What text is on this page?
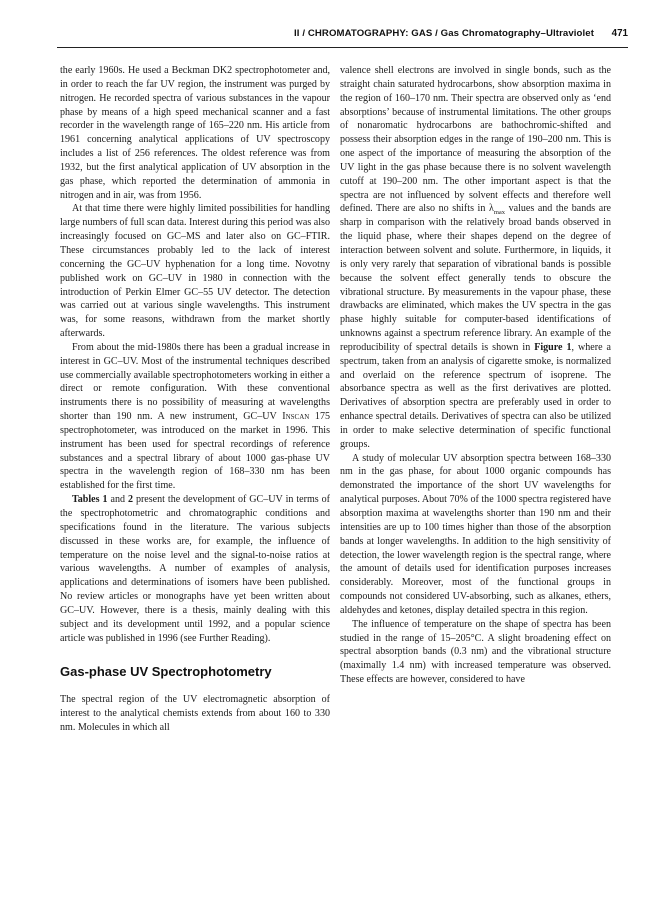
II / CHROMATOGRAPHY: GAS / Gas Chromatography–Ultraviolet 471

the early 1960s. He used a Beckman DK2 spectrophotometer and, in order to reach the far UV region, the instrument was purged by nitrogen. He recorded spectra of various substances in the vapour phase by means of a high speed mechanical scanner and a fast recorder in the wavelength range of 165–220 nm. His article from 1961 concerning analytical applications of UV spectroscopy includes a list of 256 references. The oldest reference was from 1932, but the first analytical application of UV absorption in the gas phase, which reported the determination of ammonia in nitrogen and in air, was from 1956.

At that time there were highly limited possibilities for handling large numbers of full scan data. Interest during this period was also increasingly focused on GC–MS and later also on GC–FTIR. These circumstances probably led to the lack of interest concerning the GC–UV hyphenation for a long time. Novotny published work on GC–UV in 1980 in connection with the introduction of Perkin Elmer GC–55 UV detector. The detection was carried out at various single wavelengths. This instrument was, for some reasons, withdrawn from the market shortly afterwards.

From about the mid-1980s there has been a gradual increase in interest in GC–UV. Most of the instrumental techniques described use commercially available spectrophotometers working in either a direct or remote configuration. With these conventional instruments there is no possibility of measuring at wavelengths shorter than 190 nm. A new instrument, GC–UV Inscan 175 spectrophotometer, was introduced on the market in 1996. This instrument has been used for spectral recordings of reference substances and a spectral library of about 1000 gas-phase UV spectra in the wavelength region of 168–330 nm has been established for the first time.

Tables 1 and 2 present the development of GC–UV in terms of the spectrophotometric and chromatographic conditions and specifications found in the literature. The various subjects discussed in these works are, for example, the influence of temperature on the noise level and the signal-to-noise ratios at various wavelengths. A number of examples of analysis, applications and determinations of isomers have been published. No review articles or monographs have yet been written about GC–UV. However, there is a thesis, mainly dealing with this subject and its development until 1992, and a popular science article was published in 1996 (see Further Reading).

Gas-phase UV Spectrophotometry

The spectral region of the UV electromagnetic absorption of interest to the analytical chemists extends from about 160 to 330 nm. Molecules in which all

valence shell electrons are involved in single bonds, such as the straight chain saturated hydrocarbons, show absorption maxima in the region of 160–170 nm. Their spectra are observed only as ‘end absorptions’ because of instrumental limitations. The other groups of nonaromatic hydrocarbons are bathochromic-shifted and possess their absorption edges in the range of 190–200 nm. This is one aspect of the importance of measuring the absorption of the UV light in the gas phase because there is no solvent wavelength cutoff at 190–200 nm. The other important aspect is that the spectra are not influenced by solvent effects and therefore well defined. There are also no shifts in $\lambda_{max}$ values and the bands are sharp in comparison with the relatively broad bands observed in the liquid phase, where their shapes depend on the degree of interaction between solvent and solute. Furthermore, in liquids, it is only very rarely that separation of vibrational bands is possible because the solvent effect generally tends to obscure the vibrational structure. By measurements in the vapour phase, these drawbacks are eliminated, which makes the UV spectra in the gas phase highly suitable for computer-based identifications of unknowns against a spectrum reference library. An example of the reproducibility of spectral details is shown in Figure 1, where a spectrum, taken from an analysis of cigarette smoke, is normalized and overlaid on the reference spectrum of isoprene. The absorbance spectra as well as the first derivatives are plotted. Derivatives of absorption spectra are preferably used in order to enhance spectral details. Derivatives of spectra can also be utilized in order to make selective determination of specific functional groups.

A study of molecular UV absorption spectra between 168–330 nm in the gas phase, for about 1000 organic compounds has demonstrated the importance of the short UV wavelengths for analytical purposes. About 70% of the 1000 spectra registered have absorption maxima at wavelengths shorter than 190 nm and their intensities are up to 100 times higher than those of the absorption bands at longer wavelengths. In addition to the high sensitivity of detection, the lower wavelength region is the spectral range, where the amount of details used for identification purposes increases considerably. Moreover, most of the functional groups in compounds not considered UV-absorbing, such as alkanes, ethers, aldehydes and ketones, display detailed spectra in this region.

The influence of temperature on the shape of spectra has been studied in the range of 15–205°C. A slight broadening effect on spectral absorption bands (0.3 nm) and the vibrational structure (maximally 1.4 nm) with increased temperature was observed. These effects are however, considered to have
